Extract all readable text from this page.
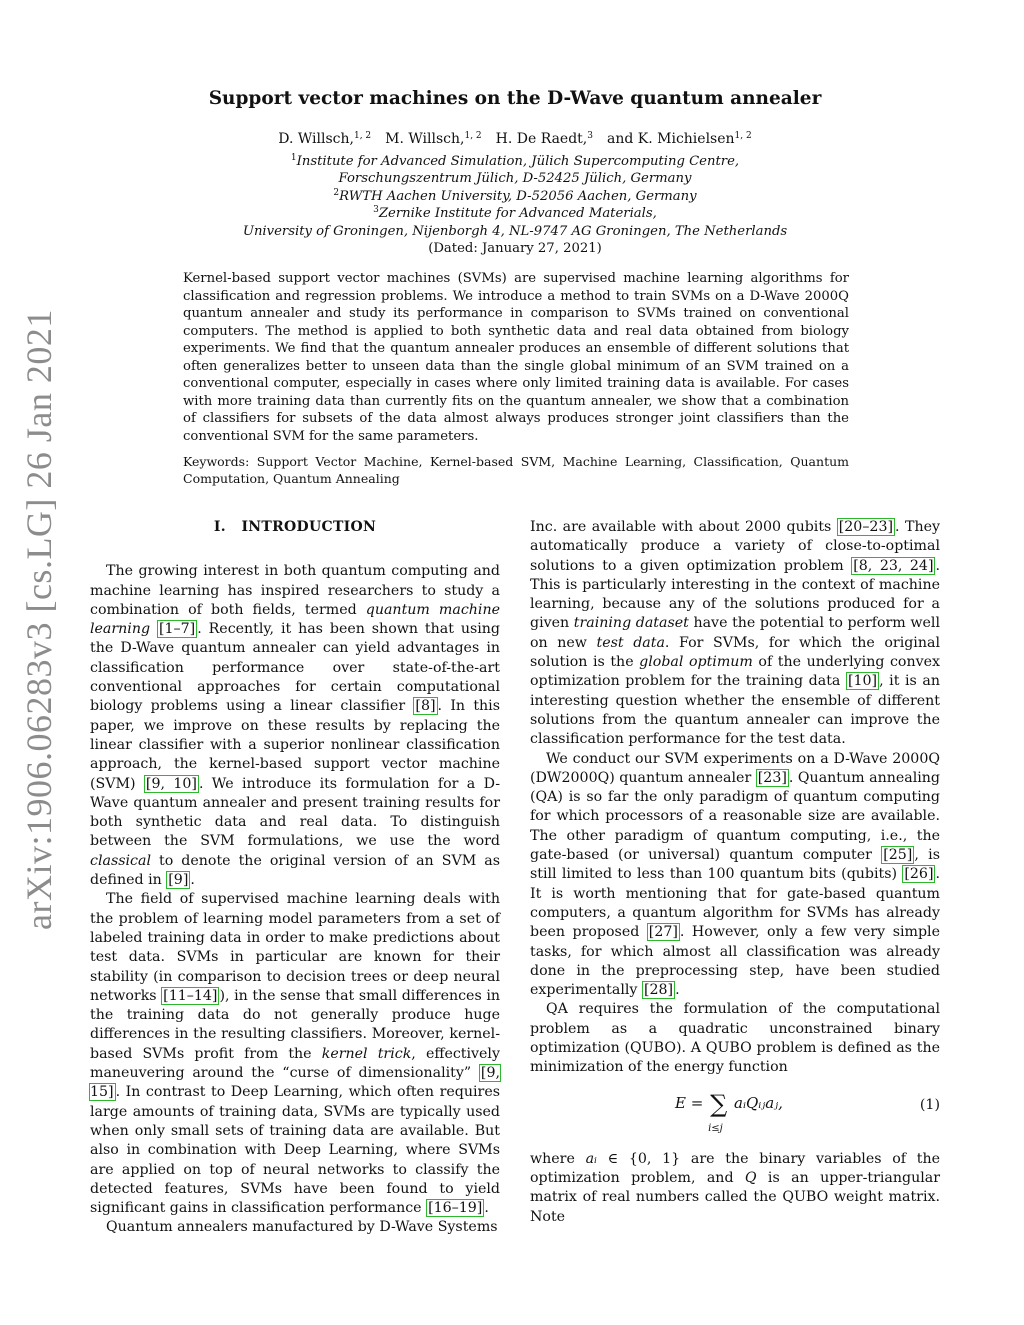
arXiv:1906.06283v3 [cs.LG] 26 Jan 2021
Support vector machines on the D-Wave quantum annealer
D. Willsch,$^{1, 2}$ M. Willsch,$^{1, 2}$ H. De Raedt,$^3$ and K. Michielsen$^{1, 2}$
$^1$Institute for Advanced Simulation, Jülich Supercomputing Centre,
Forschungszentrum Jülich, D-52425 Jülich, Germany
$^2$RWTH Aachen University, D-52056 Aachen, Germany
$^3$Zernike Institute for Advanced Materials,
University of Groningen, Nijenborgh 4, NL-9747 AG Groningen, The Netherlands
(Dated: January 27, 2021)
Kernel-based support vector machines (SVMs) are supervised machine learning algorithms for classification and regression problems. We introduce a method to train SVMs on a D-Wave 2000Q quantum annealer and study its performance in comparison to SVMs trained on conventional computers. The method is applied to both synthetic data and real data obtained from biology experiments. We find that the quantum annealer produces an ensemble of different solutions that often generalizes better to unseen data than the single global minimum of an SVM trained on a conventional computer, especially in cases where only limited training data is available. For cases with more training data than currently fits on the quantum annealer, we show that a combination of classifiers for subsets of the data almost always produces stronger joint classifiers than the conventional SVM for the same parameters.
Keywords: Support Vector Machine, Kernel-based SVM, Machine Learning, Classification, Quantum Computation, Quantum Annealing
I. INTRODUCTION

The growing interest in both quantum computing and machine learning has inspired researchers to study a combination of both fields, termed quantum machine learning [1–7] . Recently, it has been shown that using the D-Wave quantum annealer can yield advantages in classification performance over state-of-the-art conventional approaches for certain computational biology problems using a linear classifier [8] . In this paper, we improve on these results by replacing the linear classifier with a superior nonlinear classification approach, the kernel-based support vector machine (SVM) [9, 10] . We introduce its formulation for a D-Wave quantum annealer and present training results for both synthetic data and real data. To distinguish between the SVM formulations, we use the word classical to denote the original version of an SVM as defined in [9] .

The field of supervised machine learning deals with the problem of learning model parameters from a set of labeled training data in order to make predictions about test data. SVMs in particular are known for their stability (in comparison to decision trees or deep neural networks [11–14] ), in the sense that small differences in the training data do not generally produce huge differences in the resulting classifiers. Moreover, kernel-based SVMs profit from the kernel trick, effectively maneuvering around the “curse of dimensionality” [9, 15] . In contrast to Deep Learning, which often requires large amounts of training data, SVMs are typically used when only small sets of training data are available. But also in combination with Deep Learning, where SVMs are applied on top of neural networks to classify the detected features, SVMs have been found to yield significant gains in classification performance [16–19] .

Quantum annealers manufactured by D-Wave Systems

Inc. are available with about 2000 qubits [20–23] . They automatically produce a variety of close-to-optimal solutions to a given optimization problem [8, 23, 24] . This is particularly interesting in the context of machine learning, because any of the solutions produced for a given training dataset have the potential to perform well on new test data. For SVMs, for which the original solution is the global optimum of the underlying convex optimization problem for the training data [10] , it is an interesting question whether the ensemble of different solutions from the quantum annealer can improve the classification performance for the test data.

We conduct our SVM experiments on a D-Wave 2000Q (DW2000Q) quantum annealer [23] . Quantum annealing (QA) is so far the only paradigm of quantum computing for which processors of a reasonable size are available. The other paradigm of quantum computing, i.e., the gate-based (or universal) quantum computer [25] , is still limited to less than 100 quantum bits (qubits) [26] . It is worth mentioning that for gate-based quantum computers, a quantum algorithm for SVMs has already been proposed [27] . However, only a few very simple tasks, for which almost all classification was already done in the preprocessing step, have been studied experimentally [28] .

QA requires the formulation of the computational problem as a quadratic unconstrained binary optimization (QUBO). A QUBO problem is defined as the minimization of the energy function

E = ∑
i≤j
aᵢQᵢⱼaⱼ,	(1)

where aᵢ ∈ {0, 1} are the binary variables of the optimization problem, and Q is an upper-triangular matrix of real numbers called the QUBO weight matrix. Note
